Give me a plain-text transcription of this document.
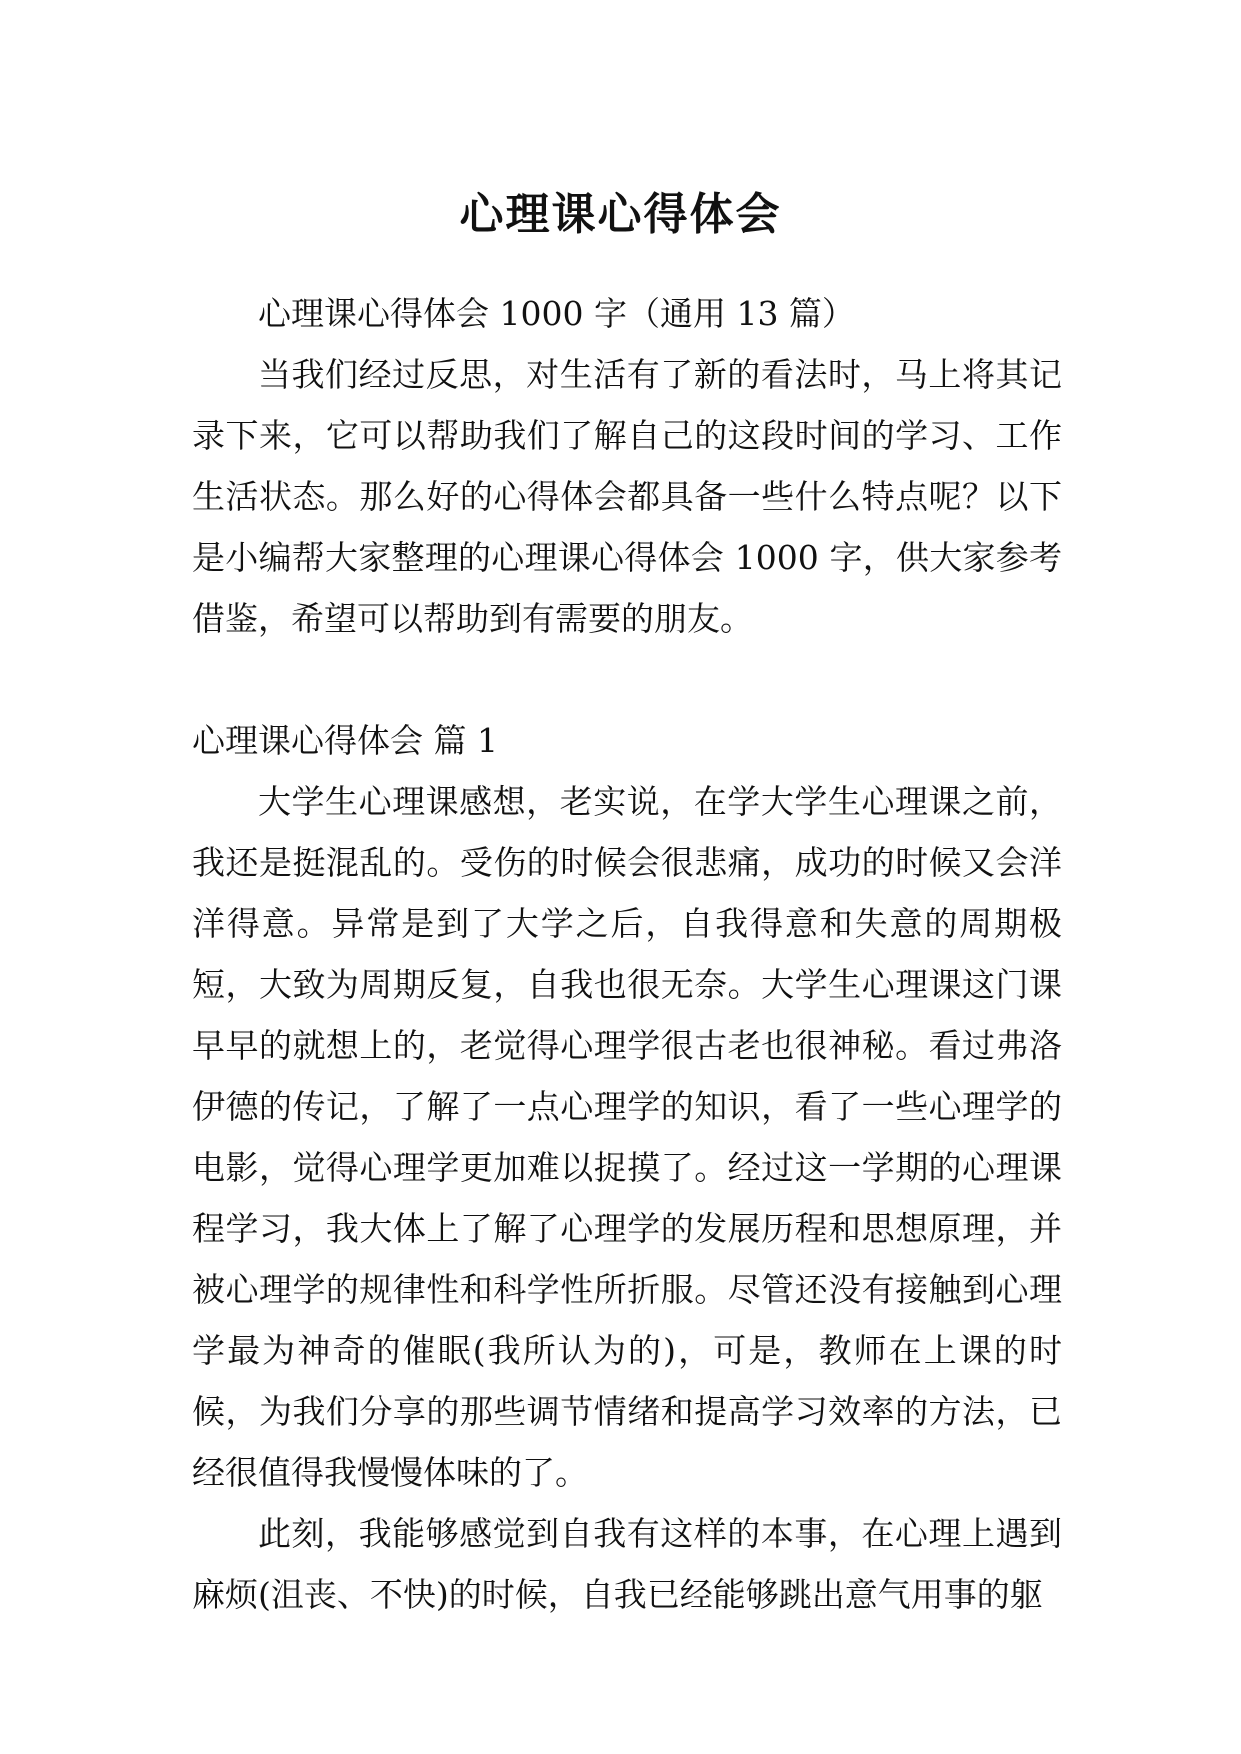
心理课心得体会

心理课心得体会 1000 字（通用 13 篇）

当我们经过反思，对生活有了新的看法时，马上将其记录下来，它可以帮助我们了解自己的这段时间的学习、工作生活状态。那么好的心得体会都具备一些什么特点呢？以下是小编帮大家整理的心理课心得体会 1000 字，供大家参考借鉴，希望可以帮助到有需要的朋友。

心理课心得体会 篇 1

大学生心理课感想，老实说，在学大学生心理课之前，我还是挺混乱的。受伤的时候会很悲痛，成功的时候又会洋洋得意。异常是到了大学之后，自我得意和失意的周期极短，大致为周期反复，自我也很无奈。大学生心理课这门课早早的就想上的，老觉得心理学很古老也很神秘。看过弗洛伊德的传记，了解了一点心理学的知识，看了一些心理学的电影，觉得心理学更加难以捉摸了。经过这一学期的心理课程学习，我大体上了解了心理学的发展历程和思想原理，并被心理学的规律性和科学性所折服。尽管还没有接触到心理学最为神奇的催眠(我所认为的)，可是，教师在上课的时候，为我们分享的那些调节情绪和提高学习效率的方法，已经很值得我慢慢体味的了。

此刻，我能够感觉到自我有这样的本事，在心理上遇到麻烦(沮丧、不快)的时候，自我已经能够跳出意气用事的躯
